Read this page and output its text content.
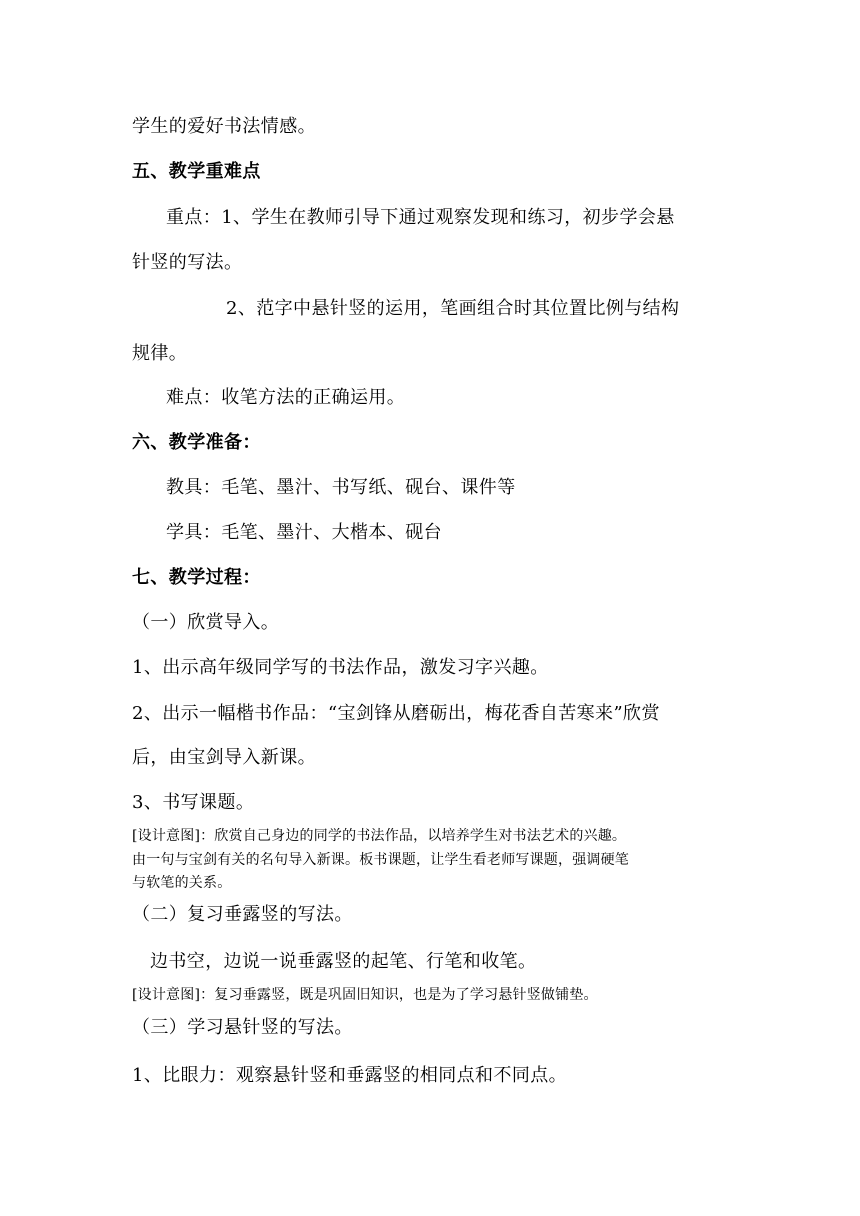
学生的爱好书法情感。
五、教学重难点
重点：1、学生在教师引导下通过观察发现和练习，初步学会悬
针竖的写法。
2、范字中悬针竖的运用，笔画组合时其位置比例与结构
规律。
难点：收笔方法的正确运用。
六、教学准备：
教具：毛笔、墨汁、书写纸、砚台、课件等
学具：毛笔、墨汁、大楷本、砚台
七、教学过程：
（一）欣赏导入。
1、出示高年级同学写的书法作品，激发习字兴趣。
2、出示一幅楷书作品：“宝剑锋从磨砺出，梅花香自苦寒来”欣赏
后，由宝剑导入新课。
3、书写课题。
[设计意图]：欣赏自己身边的同学的书法作品，以培养学生对书法艺术的兴趣。
由一句与宝剑有关的名句导入新课。板书课题，让学生看老师写课题，强调硬笔
与软笔的关系。
（二）复习垂露竖的写法。
边书空，边说一说垂露竖的起笔、行笔和收笔。
[设计意图]：复习垂露竖，既是巩固旧知识，也是为了学习悬针竖做铺垫。
（三）学习悬针竖的写法。
1、比眼力：观察悬针竖和垂露竖的相同点和不同点。
